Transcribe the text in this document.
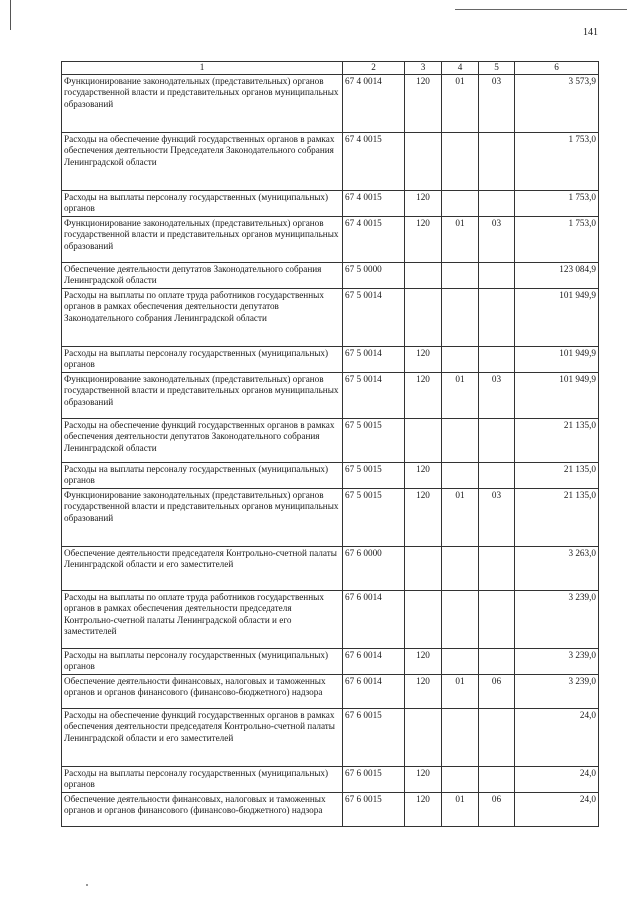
141
1	2	3	4	5	6
Функционирование законодательных (представительных) органов государственной власти и представительных органов муниципальных образований	67 4 0014	120	01	03	3 573,9
Расходы на обеспечение функций государственных органов в рамках обеспечения деятельности Председателя Законодательного собрания Ленинградской области	67 4 0015				1 753,0
Расходы на выплаты персоналу государственных (муниципальных) органов	67 4 0015	120			1 753,0
Функционирование законодательных (представительных) органов государственной власти и представительных органов муниципальных образований	67 4 0015	120	01	03	1 753,0
Обеспечение деятельности депутатов Законодательного собрания Ленинградской области	67 5 0000				123 084,9
Расходы на выплаты по оплате труда работников государственных органов в рамках обеспечения деятельности депутатов Законодательного собрания Ленинградской области	67 5 0014				101 949,9
Расходы на выплаты персоналу государственных (муниципальных) органов	67 5 0014	120			101 949,9
Функционирование законодательных (представительных) органов государственной власти и представительных органов муниципальных образований	67 5 0014	120	01	03	101 949,9
Расходы на обеспечение функций государственных органов в рамках обеспечения деятельности депутатов Законодательного собрания Ленинградской области	67 5 0015				21 135,0
Расходы на выплаты персоналу государственных (муниципальных) органов	67 5 0015	120			21 135,0
Функционирование законодательных (представительных) органов государственной власти и представительных органов муниципальных образований	67 5 0015	120	01	03	21 135,0
Обеспечение деятельности председателя Контрольно-счетной палаты Ленинградской области и его заместителей	67 6 0000				3 263,0
Расходы на выплаты по оплате труда работников государственных органов в рамках обеспечения деятельности председателя Контрольно-счетной палаты Ленинградской области и его заместителей	67 6 0014				3 239,0
Расходы на выплаты персоналу государственных (муниципальных) органов	67 6 0014	120			3 239,0
Обеспечение деятельности финансовых, налоговых и таможенных органов и органов финансового (финансово-бюджетного) надзора	67 6 0014	120	01	06	3 239,0
Расходы на обеспечение функций государственных органов в рамках обеспечения деятельности председателя Контрольно-счетной палаты Ленинградской области и его заместителей	67 6 0015				24,0
Расходы на выплаты персоналу государственных (муниципальных) органов	67 6 0015	120			24,0
Обеспечение деятельности финансовых, налоговых и таможенных органов и органов финансового (финансово-бюджетного) надзора	67 6 0015	120	01	06	24,0
